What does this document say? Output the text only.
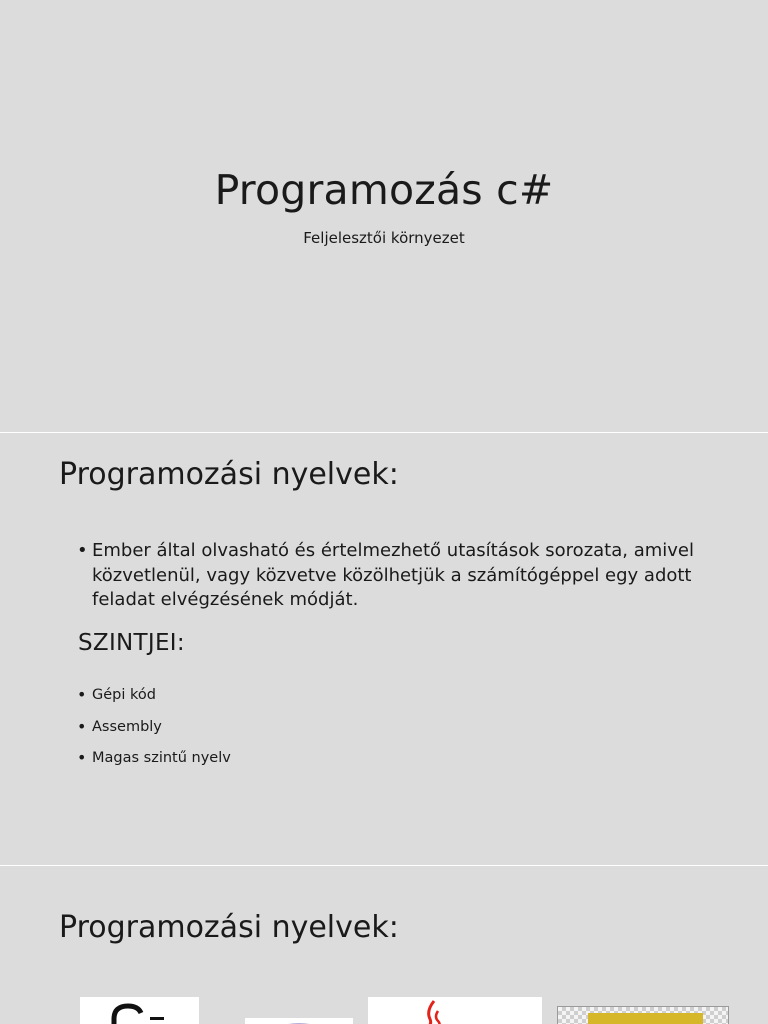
Programozás c#
Feljelesztői környezet
Programozási nyelvek:
• Ember által olvasható és értelmezhető utasítások sorozata, amivel közvetlenül, vagy közvetve közölhetjük a számítógéppel egy adott feladat elvégzésének módját.
SZINTJEI:
• Gépi kód
• Assembly
• Magas szintű nyelv
Programozási nyelvek:
